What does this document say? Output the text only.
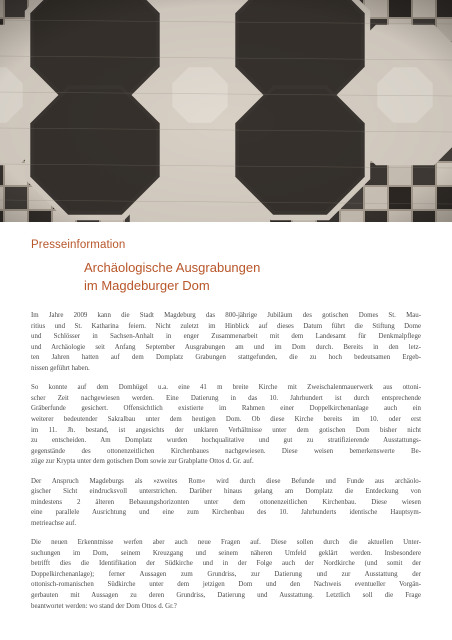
Presseinformation
Archäologische Ausgrabungen
im Magdeburger Dom
Im Jahre 2009 kann die Stadt Magdeburg das 800-jährige Jubiläum des gotischen Domes St. Mau-
ritius und St. Katharina feiern. Nicht zuletzt im Hinblick auf dieses Datum führt die Stiftung Dome
und Schlösser in Sachsen-Anhalt in enger Zusammenarbeit mit dem Landesamt für Denkmalpflege
und Archäologie seit Anfang September Ausgrabungen am und im Dom durch. Bereits in den letz-
ten Jahren hatten auf dem Domplatz Grabungen stattgefunden, die zu hoch bedeutsamen Ergeb-
nissen geführt haben.
So konnte auf dem Domhügel u.a. eine 41 m breite Kirche mit Zweischalenmauerwerk aus ottoni-
scher Zeit nachgewiesen werden. Eine Datierung in das 10. Jahrhundert ist durch entsprechende
Gräberfunde gesichert. Offensichtlich existierte im Rahmen einer Doppelkirchenanlage auch ein
weiterer bedeutender Sakralbau unter dem heutigen Dom. Ob diese Kirche bereits im 10. oder erst
im 11. Jh. bestand, ist angesichts der unklaren Verhältnisse unter dem gotischen Dom bisher nicht
zu entscheiden. Am Domplatz wurden hochqualitative und gut zu stratifizierende Ausstattungs-
gegenstände des ottonenzeitlichen Kirchenbaues nachgewiesen. Diese weisen bemerkenswerte Be-
züge zur Krypta unter dem gotischen Dom sowie zur Grabplatte Ottos d. Gr. auf.
Der Anspruch Magdeburgs als »zweites Rom« wird durch diese Befunde und Funde aus archäolo-
gischer Sicht eindrucksvoll unterstrichen. Darüber hinaus gelang am Domplatz die Entdeckung von
mindestens 2 älteren Bebauungshorizonten unter dem ottonenzeitlichen Kirchenbau. Diese wiesen
eine parallele Ausrichtung und eine zum Kirchenbau des 10. Jahrhunderts identische Hauptsym-
metrieachse auf.
Die neuen Erkenntnisse werfen aber auch neue Fragen auf. Diese sollen durch die aktuellen Unter-
suchungen im Dom, seinem Kreuzgang und seinem näheren Umfeld geklärt werden. Insbesondere
betrifft dies die Identifikation der Südkirche und in der Folge auch der Nordkirche (und somit der
Doppelkirchenanlage); ferner Aussagen zum Grundriss, zur Datierung und zur Ausstattung der
ottonisch-romanischen Südkirche unter dem jetzigen Dom und den Nachweis eventueller Vorgän-
gerbauten mit Aussagen zu deren Grundriss, Datierung und Ausstattung. Letztlich soll die Frage
beantwortet werden: wo stand der Dom Ottos d. Gr.?
